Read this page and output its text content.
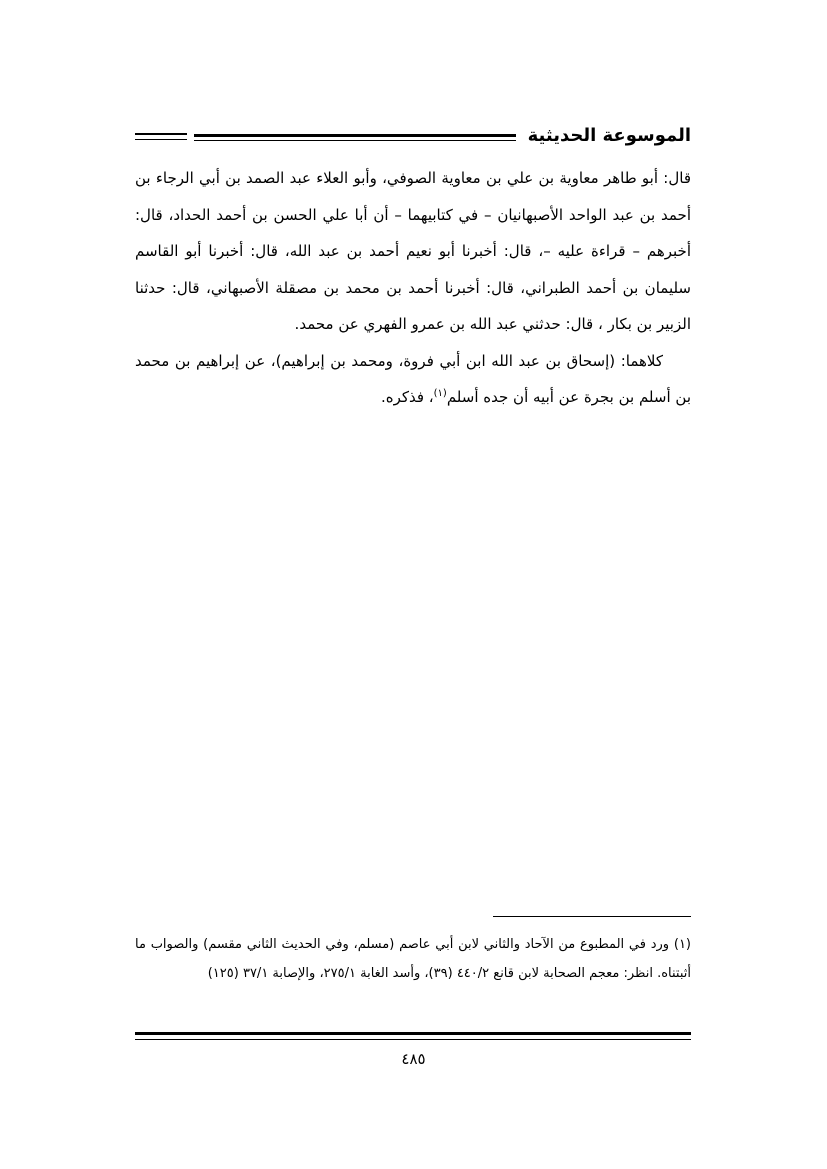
الموسوعة الحديثية

قال: أبو طاهر معاوية بن علي بن معاوية الصوفي، وأبو العلاء عبد الصمد بن أبي الرجاء بن أحمد بن عبد الواحد الأصبهانيان – في كتابيهما – أن أبا علي الحسن بن أحمد الحداد، قال: أخبرهم – قراءة عليه –، قال: أخبرنا أبو نعيم أحمد بن عبد الله، قال: أخبرنا أبو القاسم سليمان بن أحمد الطبراني، قال: أخبرنا أحمد بن محمد بن مصقلة الأصبهاني، قال: حدثنا الزبير بن بكار ، قال: حدثني عبد الله بن عمرو الفهري عن محمد.

كلاهما: (إسحاق بن عبد الله ابن أبي فروة، ومحمد بن إبراهيم)، عن إبراهيم بن محمد بن أسلم بن بجرة عن أبيه أن جده أسلم$^{(١)}$، فذكره.

(١) ورد في المطبوع من الآحاد والثاني لابن أبي عاصم (مسلم، وفي الحديث الثاني مقسم) والصواب ما أثبتناه. انظر: معجم الصحابة لابن قانع ٤٤٠/٢ (٣٩)، وأسد الغابة ٢٧٥/١، والإصابة ٣٧/١ (١٢٥)

٤٨٥
